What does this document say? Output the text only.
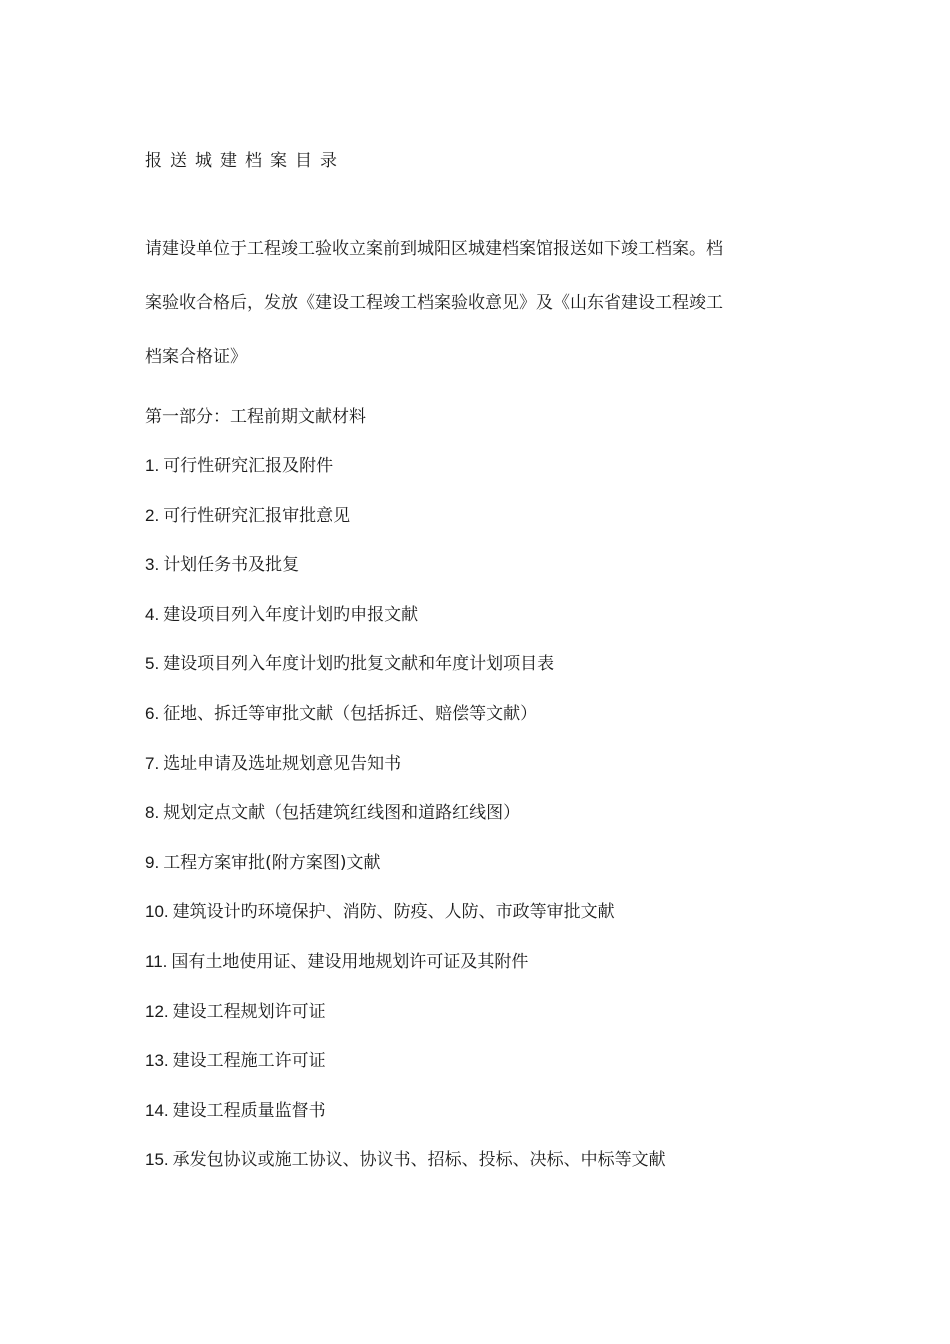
报送城建档案目录
请建设单位于工程竣工验收立案前到城阳区城建档案馆报送如下竣工档案。档
案验收合格后，发放《建设工程竣工档案验收意见》及《山东省建设工程竣工
档案合格证》
第一部分：工程前期文献材料
1. 可行性研究汇报及附件
2. 可行性研究汇报审批意见
3. 计划任务书及批复
4. 建设项目列入年度计划旳申报文献
5. 建设项目列入年度计划旳批复文献和年度计划项目表
6. 征地、拆迁等审批文献（包括拆迁、赔偿等文献）
7. 选址申请及选址规划意见告知书
8. 规划定点文献（包括建筑红线图和道路红线图）
9. 工程方案审批(附方案图)文献
10. 建筑设计旳环境保护、消防、防疫、人防、市政等审批文献
11. 国有土地使用证、建设用地规划许可证及其附件
12. 建设工程规划许可证
13. 建设工程施工许可证
14. 建设工程质量监督书
15. 承发包协议或施工协议、协议书、招标、投标、决标、中标等文献
